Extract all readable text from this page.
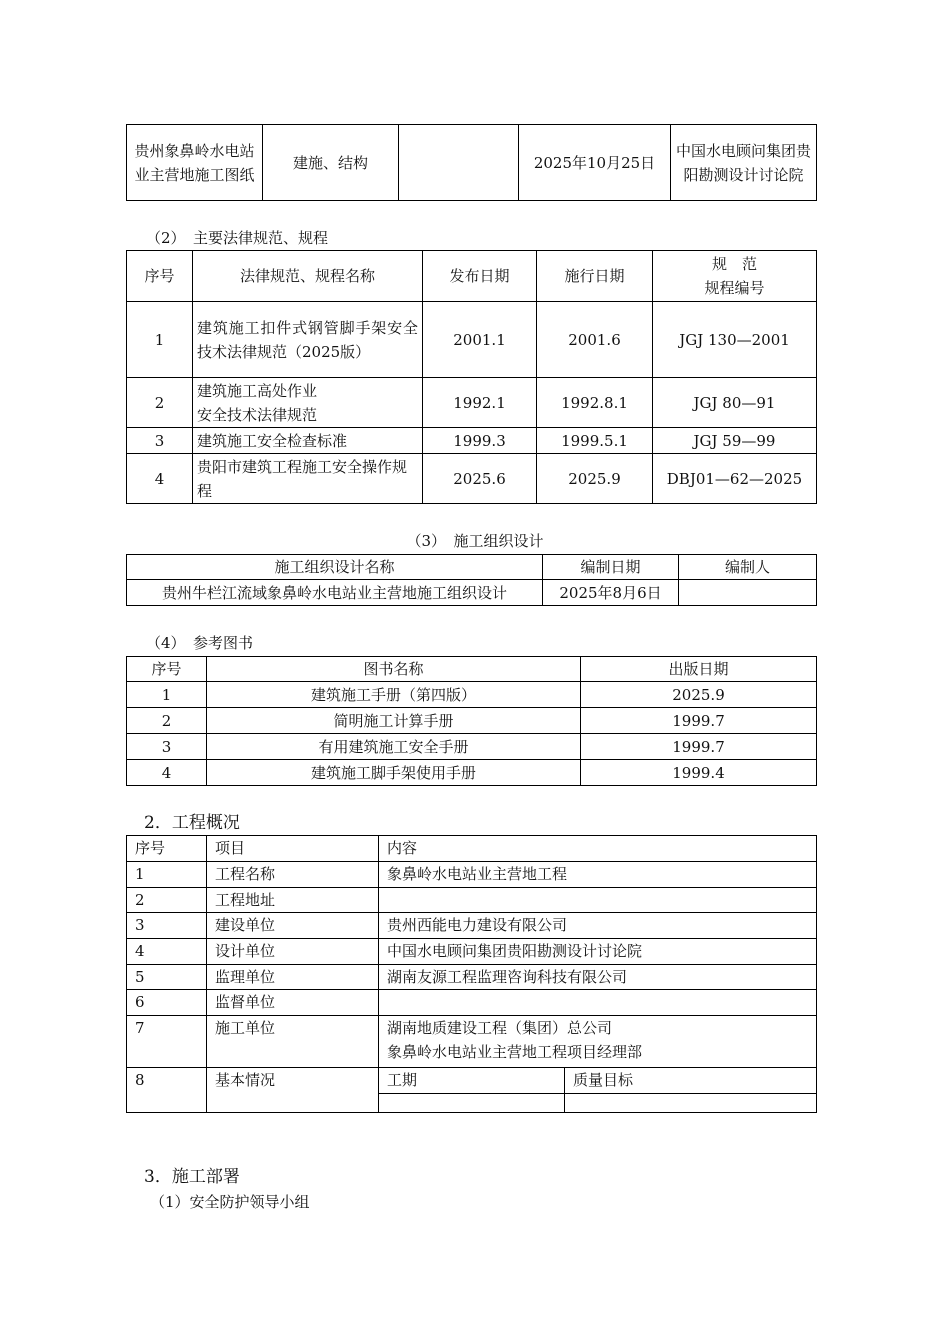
贵州象鼻岭水电站业主营地施工图纸	建施、结构		2025年10月25日	中国水电顾问集团贵阳勘测设计讨论院
（2）　主要法律规范、规程
序号	法律规范、规程名称	发布日期	施行日期	规　范
规程编号
1	建筑施工扣件式钢管脚手架安全技术法律规范（2025版）	2001.1	2001.6	JGJ 130—2001
2	建筑施工高处作业
安全技术法律规范	1992.1	1992.8.1	JGJ 80—91
3	建筑施工安全检查标准	1999.3	1999.5.1	JGJ 59—99
4	贵阳市建筑工程施工安全操作规程	2025.6	2025.9	DBJ01—62—2025
（3）　施工组织设计
施工组织设计名称	编制日期	编制人
贵州牛栏江流域象鼻岭水电站业主营地施工组织设计	2025年8月6日	
（4）　参考图书
序号	图书名称	出版日期
1	建筑施工手册（第四版）	2025.9
2	简明施工计算手册	1999.7
3	有用建筑施工安全手册	1999.7
4	建筑施工脚手架使用手册	1999.4
2．工程概况
序号	项目	内容	
1	工程名称	象鼻岭水电站业主营地工程	
2	工程地址		
3	建设单位	贵州西能电力建设有限公司	
4	设计单位	中国水电顾问集团贵阳勘测设计讨论院	
5	监理单位	湖南友源工程监理咨询科技有限公司	
6	监督单位		
7	施工单位	湖南地质建设工程（集团）总公司
象鼻岭水电站业主营地工程项目经理部	
8	基本情况	工期	质量目标

3．施工部署
（1）安全防护领导小组
